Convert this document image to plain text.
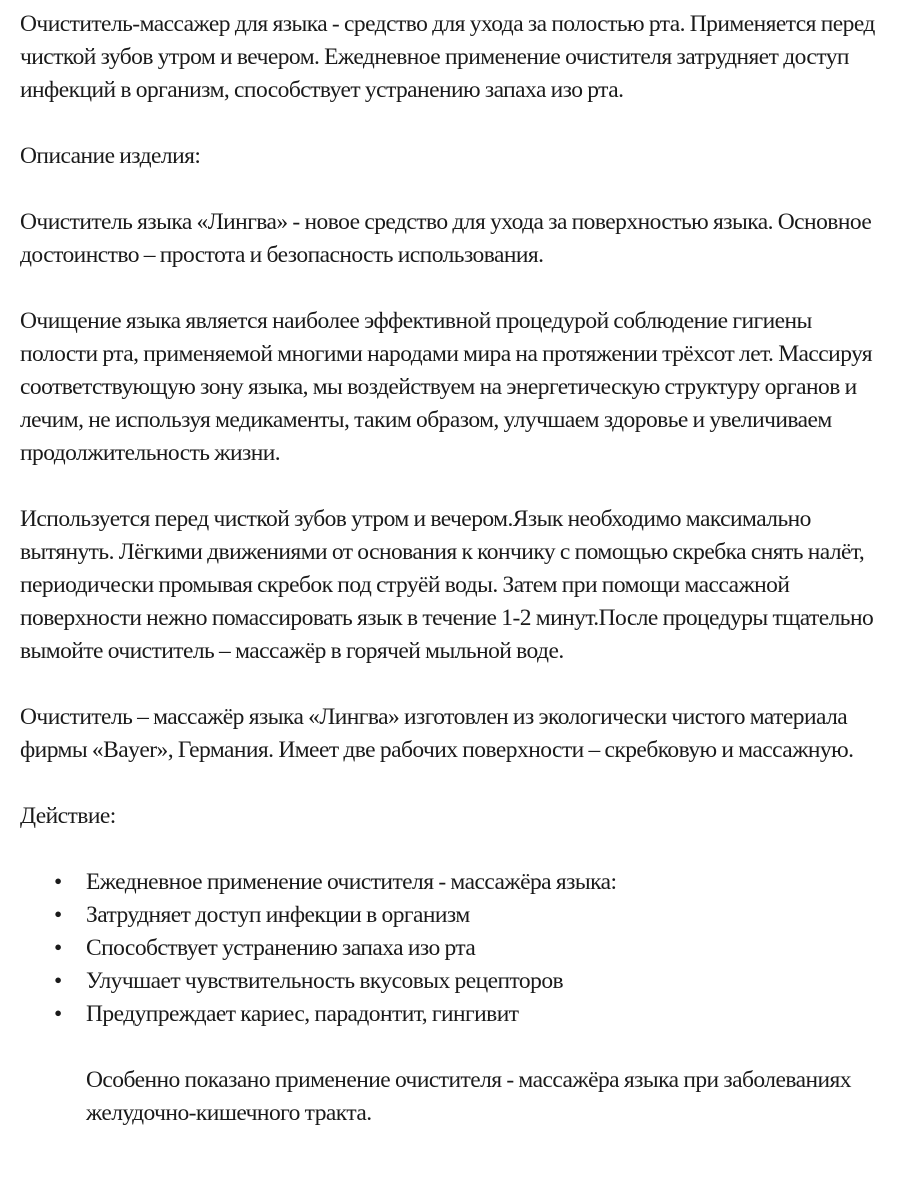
Очиститель-массажер для языка - средство для ухода за полостью рта. Применяется перед
чисткой зубов утром и вечером. Ежедневное применение очистителя затрудняет доступ
инфекций в организм, способствует устранению запаха изо рта.

Описание изделия:

Очиститель языка «Лингва» - новое средство для ухода за поверхностью языка. Основное
достоинство – простота и безопасность использования.

Очищение языка является наиболее эффективной процедурой соблюдение гигиены
полости рта, применяемой многими народами мира на протяжении трёхсот лет. Массируя
соответствующую зону языка, мы воздействуем на энергетическую структуру органов и
лечим, не используя медикаменты, таким образом, улучшаем здоровье и увеличиваем
продолжительность жизни.

Используется перед чисткой зубов утром и вечером.Язык необходимо максимально
вытянуть. Лёгкими движениями от основания к кончику с помощью скребка снять налёт,
периодически промывая скребок под струёй воды. Затем при помощи массажной
поверхности нежно помассировать язык в течение 1-2 минут.После процедуры тщательно
вымойте очиститель – массажёр в горячей мыльной воде.

Очиститель – массажёр языка «Лингва» изготовлен из экологически чистого материала
фирмы «Bayer», Германия. Имеет две рабочих поверхности – скребковую и массажную.

Действие:

• Ежедневное применение очистителя - массажёра языка:
• Затрудняет доступ инфекции в организм
• Способствует устранению запаха изо рта
• Улучшает чувствительность вкусовых рецепторов
• Предупреждает кариес, парадонтит, гингивит

Особенно показано применение очистителя - массажёра языка при заболеваниях
желудочно-кишечного тракта.
